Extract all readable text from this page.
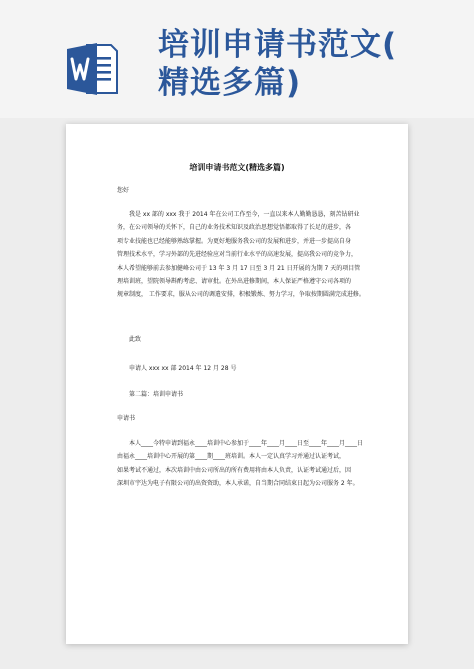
培训申请书范文(
精选多篇)
培训申请书范文(精选多篇)
您好
我是 xx 部的 xxx 我于 2014 年在公司工作至今，一直以来本人勤勤恳恳，刻苦钻研业
务，在公司领导的关怀下，自己的业务技术知识及政治思想觉悟都取得了长足的进步，各
项专业技能也已经能够熟练掌握。为更好地服务我公司的发展和进步，并进一步提高自身
管理技术水平，学习外部的先进经验应对当前行业水平的高速发展，提高我公司的竞争力，
本人希望能够前去参加健峰公司于 13 年 3 月 17 日至 3 月 21 日开展的为期 7 天的项目管
理培训班，望院领导斟酌考虑、请审批。在外出进修期间，本人保证严格遵守公司各项的
规章制度， 工作要求，服从公司的调遣安排，积极锻炼、努力学习，争取按期圆满完成进修。
此致
申请人 xxx xx 部 2014 年 12 月 28 号
第二篇：培训申请书
申请书
本人____今特申请到福永____培训中心参加于____年____月____日至____年____月____日
由福永____培训中心开展的第____期____班培训。本人一定认真学习并通过认证考试，
如果考试不通过，本次培训中由公司所出的所有费用将由本人负责，认证考试通过后，因
深圳市宇达为电子有限公司的出资资助，本人承诺，自当期合同结束日起为公司服务 2 年。
